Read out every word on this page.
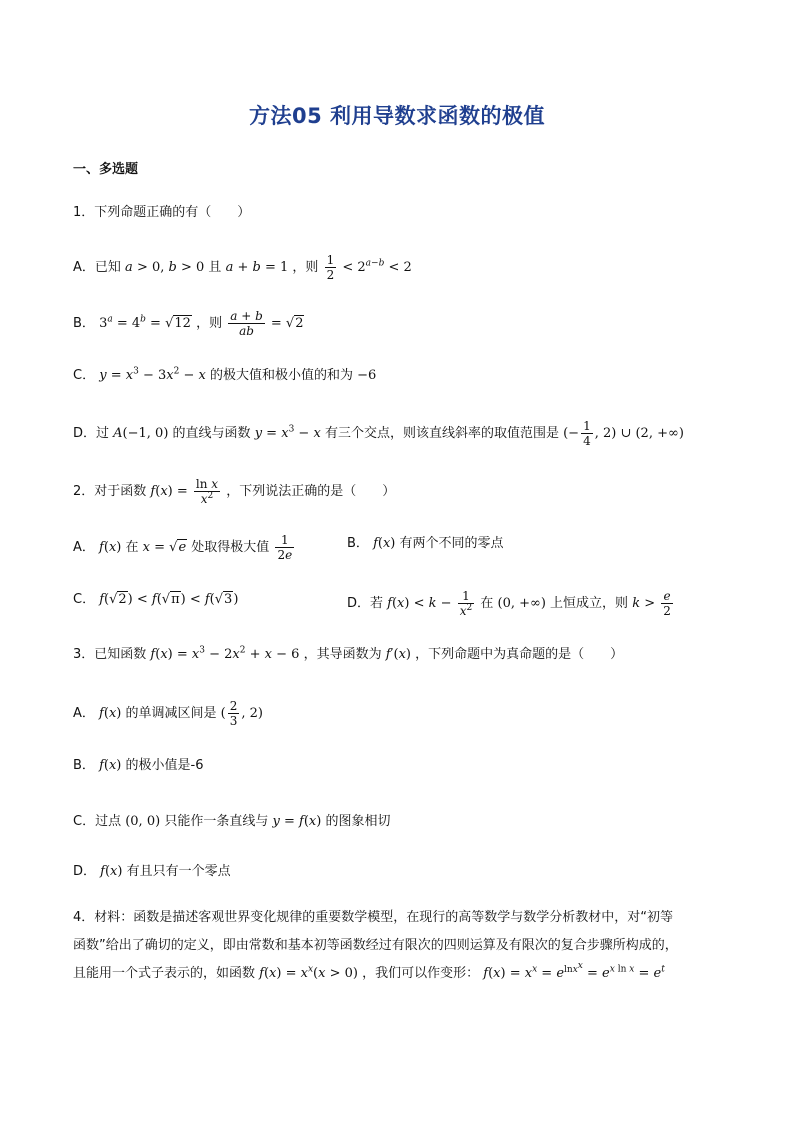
方法05 利用导数求函数的极值
一、多选题
1．下列命题正确的有（　　）
A．已知 a > 0, b > 0 且 a + b = 1 ，则 $\frac{1}{2} < 2^{a-b} < 2$
B． $3^a = 4^b = √12$ ，则 $\frac{a + b}{ab} = √2$
C． $y = x^3 - 3x^2 - x$ 的极大值和极小值的和为 −6
D．过 A(−1, 0) 的直线与函数 $y = x^3 - x$ 有三个交点，则该直线斜率的取值范围是 (− $\frac{1}{4}$ , 2) ∪ (2, +∞)
2．对于函数 $f(x) = \frac{\text{ln x}}{x^2}$ ，下列说法正确的是（　　）
A． f(x) 在 x = √e 处取得极大值 $\frac{1}{2e}$	B． f(x) 有两个不同的零点
C． f(√2) < f(√π) < f(√3)	D．若 $f(x) < k - \frac{1}{x^2}$ 在 (0, +∞) 上恒成立，则 $k > \frac{e}{2}$
3．已知函数 $f(x) = x^3 - 2x^2 + x - 6$ ，其导函数为 f′(x) ，下列命题中为真命题的是（　　）
A． f(x) 的单调减区间是 ( $\frac{2}{3}$ , 2)
B． f(x) 的极小值是-6
C．过点 (0, 0) 只能作一条直线与 y = f(x) 的图象相切
D． f(x) 有且只有一个零点
4．材料：函数是描述客观世界变化规律的重要数学模型，在现行的高等数学与数学分析教材中，对“初等
函数”给出了确切的定义，即由常数和基本初等函数经过有限次的四则运算及有限次的复合步骤所构成的，
且能用一个式子表示的，如函数 $f(x) = x^x(x > 0)$ ，我们可以作变形： $f(x) = x^x = e^{lnx^x} = e^{x ln x} = e^t$
